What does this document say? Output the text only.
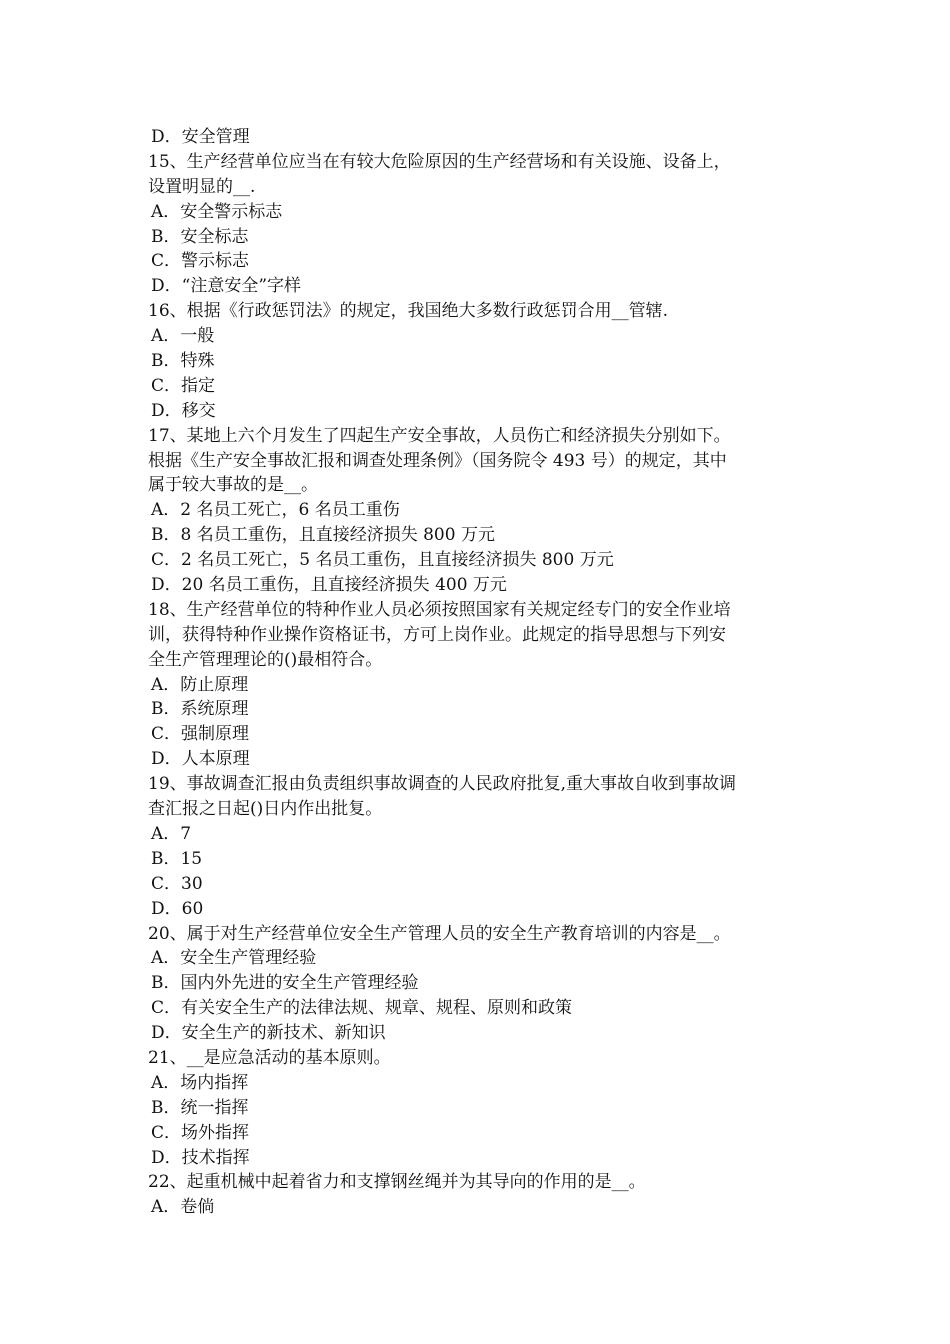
D．安全管理
15、生产经营单位应当在有较大危险原因的生产经营场和有关设施、设备上，
设置明显的__.
A．安全警示标志
B．安全标志
C．警示标志
D．“注意安全”字样
16、根据《行政惩罚法》的规定，我国绝大多数行政惩罚合用__管辖.
A．一般
B．特殊
C．指定
D．移交
17、某地上六个月发生了四起生产安全事故，人员伤亡和经济损失分别如下。
根据《生产安全事故汇报和调查处理条例》（国务院令 493 号）的规定，其中
属于较大事故的是__。
A．2 名员工死亡，6 名员工重伤
B．8 名员工重伤，且直接经济损失 800 万元
C．2 名员工死亡，5 名员工重伤，且直接经济损失 800 万元
D．20 名员工重伤，且直接经济损失 400 万元
18、生产经营单位的特种作业人员必须按照国家有关规定经专门的安全作业培
训，获得特种作业操作资格证书，方可上岗作业。此规定的指导思想与下列安
全生产管理理论的()最相符合。
A．防止原理
B．系统原理
C．强制原理
D．人本原理
19、事故调查汇报由负责组织事故调查的人民政府批复,重大事故自收到事故调
查汇报之日起()日内作出批复。
A．7
B．15
C．30
D．60
20、属于对生产经营单位安全生产管理人员的安全生产教育培训的内容是__。
A．安全生产管理经验
B．国内外先进的安全生产管理经验
C．有关安全生产的法律法规、规章、规程、原则和政策
D．安全生产的新技术、新知识
21、__是应急活动的基本原则。
A．场内指挥
B．统一指挥
C．场外指挥
D．技术指挥
22、起重机械中起着省力和支撑钢丝绳并为其导向的作用的是__。
A．卷倘
